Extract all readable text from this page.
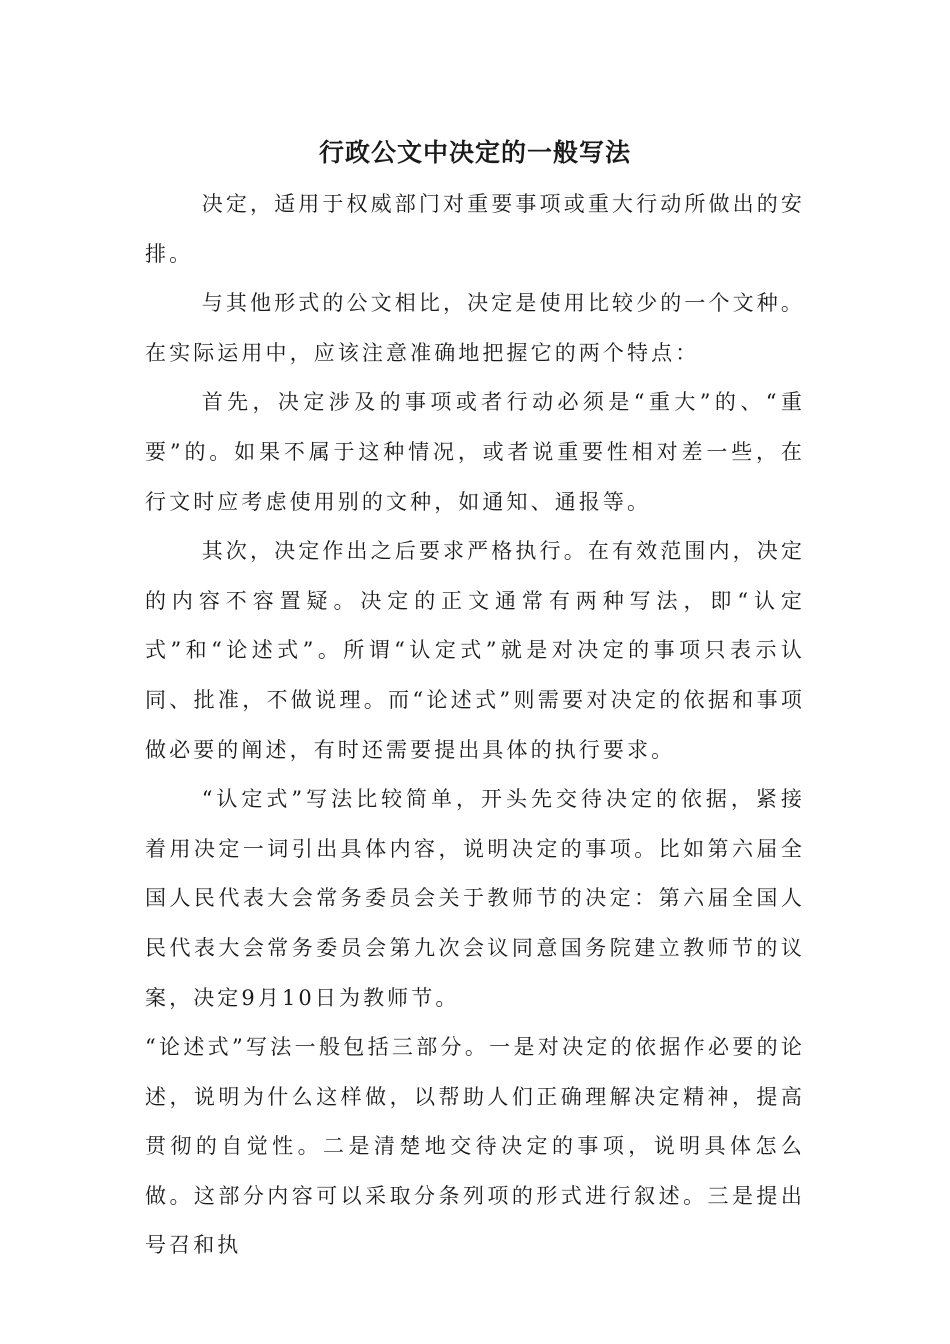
行政公文中决定的一般写法

决定，适用于权威部门对重要事项或重大行动所做出的安排。

与其他形式的公文相比，决定是使用比较少的一个文种。在实际运用中，应该注意准确地把握它的两个特点：

首先，决定涉及的事项或者行动必须是“重大”的、“重要”的。如果不属于这种情况，或者说重要性相对差一些，在行文时应考虑使用别的文种，如通知、通报等。

其次，决定作出之后要求严格执行。在有效范围内，决定的内容不容置疑。决定的正文通常有两种写法，即“认定式”和“论述式”。所谓“认定式”就是对决定的事项只表示认同、批准，不做说理。而“论述式”则需要对决定的依据和事项做必要的阐述，有时还需要提出具体的执行要求。

“认定式”写法比较简单，开头先交待决定的依据，紧接着用决定一词引出具体内容，说明决定的事项。比如第六届全国人民代表大会常务委员会关于教师节的决定：第六届全国人民代表大会常务委员会第九次会议同意国务院建立教师节的议案，决定9月10日为教师节。

“论述式”写法一般包括三部分。一是对决定的依据作必要的论述，说明为什么这样做，以帮助人们正确理解决定精神，提高贯彻的自觉性。二是清楚地交待决定的事项，说明具体怎么做。这部分内容可以采取分条列项的形式进行叙述。三是提出号召和执
